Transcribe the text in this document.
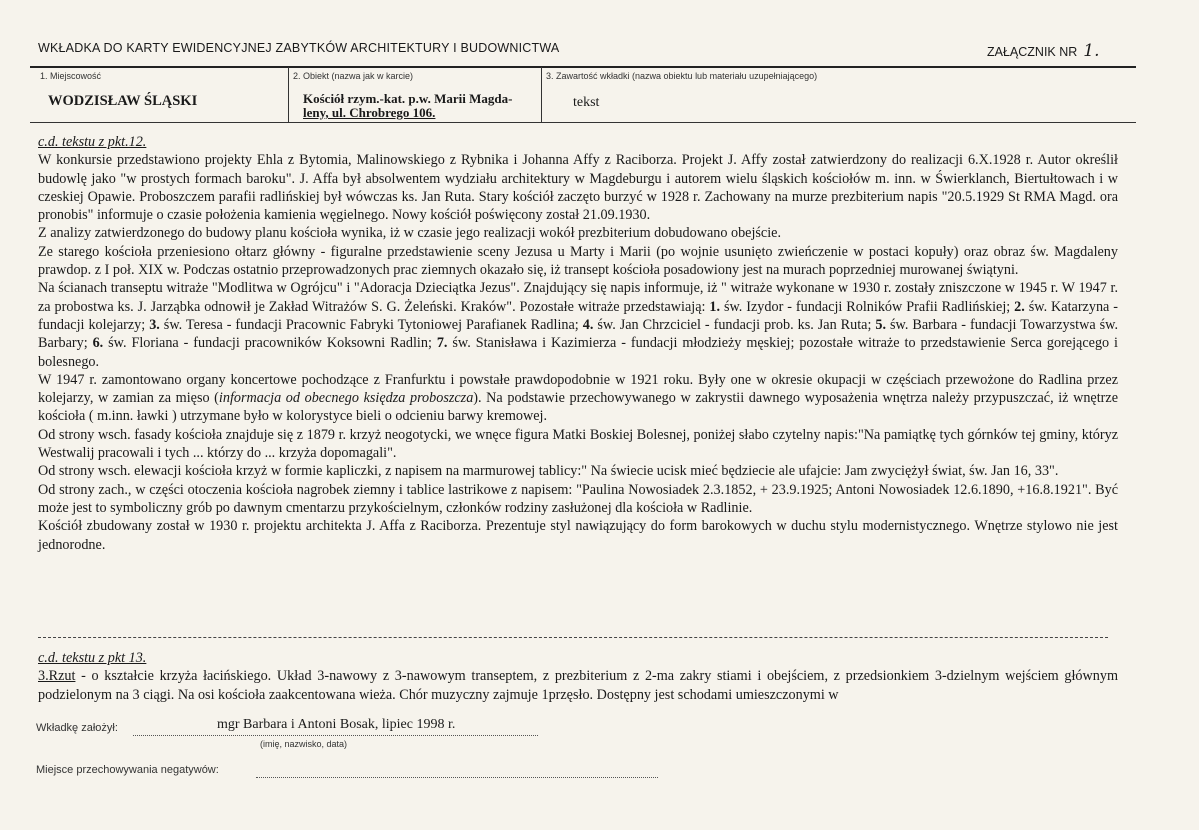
WKŁADKA DO KARTY EWIDENCYJNEJ ZABYTKÓW ARCHITEKTURY I BUDOWNICTWA	ZAŁĄCZNIK NR 1.
1. Miejscowość
WODZISŁAW ŚLĄSKI
2. Obiekt (nazwa jak w karcie)
Kościół rzym.-kat. p.w. Marii Magda-
leny, ul. Chrobrego 106.
3. Zawartość wkładki (nazwa obiektu lub materiału uzupełniającego)
tekst

c.d. tekstu z pkt.12.

W konkursie przedstawiono projekty Ehla z Bytomia, Malinowskiego z Rybnika i Johanna Affy z Raciborza. Projekt J. Affy został zatwierdzony do realizacji 6.X.1928 r. Autor określił budowlę jako "w prostych formach baroku". J. Affa był absolwentem wydziału architektury w Magdeburgu i autorem wielu śląskich kościołów m. inn. w Świerklanch, Biertułtowach i w czeskiej Opawie. Proboszczem parafii radlińskiej był wówczas ks. Jan Ruta. Stary kościół zaczęto burzyć w 1928 r. Zachowany na murze prezbiterium napis "20.5.1929 St RMA Magd. ora pronobis" informuje o czasie położenia kamienia węgielnego. Nowy kościół poświęcony został 21.09.1930.

Z analizy zatwierdzonego do budowy planu kościoła wynika, iż w czasie jego realizacji wokół prezbiterium dobudowano obejście.

Ze starego kościoła przeniesiono ołtarz główny - figuralne przedstawienie sceny Jezusa u Marty i Marii (po wojnie usunięto zwieńczenie w postaci kopuły) oraz obraz św. Magdaleny prawdop. z I poł. XIX w. Podczas ostatnio przeprowadzonych prac ziemnych okazało się, iż transept kościoła posadowiony jest na murach poprzedniej murowanej świątyni.

Na ścianach transeptu witraże "Modlitwa w Ogrójcu" i "Adoracja Dzieciątka Jezus". Znajdujący się napis informuje, iż " witraże wykonane w 1930 r. zostały zniszczone w 1945 r. W 1947 r. za probostwa ks. J. Jarząbka odnowił je Zakład Witrażów S. G. Żeleński. Kraków". Pozostałe witraże przedstawiają: 1. św. Izydor - fundacji Rolników Prafii Radlińskiej; 2. św. Katarzyna - fundacji kolejarzy; 3. św. Teresa - fundacji Pracownic Fabryki Tytoniowej Parafianek Radlina; 4. św. Jan Chrzciciel - fundacji prob. ks. Jan Ruta; 5. św. Barbara - fundacji Towarzystwa św. Barbary; 6. św. Floriana - fundacji pracowników Koksowni Radlin; 7. św. Stanisława i Kazimierza - fundacji młodzieży męskiej; pozostałe witraże to przedstawienie Serca gorejącego i bolesnego.

W 1947 r. zamontowano organy koncertowe pochodzące z Franfurktu i powstałe prawdopodobnie w 1921 roku. Były one w okresie okupacji w częściach przewożone do Radlina przez kolejarzy, w zamian za mięso (informacja od obecnego księdza proboszcza). Na podstawie przechowywanego w zakrystii dawnego wyposażenia wnętrza należy przypuszczać, iż wnętrze kościoła ( m.inn. ławki ) utrzymane było w kolorystyce bieli o odcieniu barwy kremowej.

Od strony wsch. fasady kościoła znajduje się z 1879 r. krzyż neogotycki, we wnęce figura Matki Boskiej Bolesnej, poniżej słabo czytelny napis:"Na pamiątkę tych górnków tej gminy, któryz Westwalij pracowali i tych ... którzy do ... krzyża dopomagali".

Od strony wsch. elewacji kościoła krzyż w formie kapliczki, z napisem na marmurowej tablicy:" Na świecie ucisk mieć będziecie ale ufajcie: Jam zwyciężył świat, św. Jan 16, 33".

Od strony zach., w części otoczenia kościoła nagrobek ziemny i tablice lastrikowe z napisem: "Paulina Nowosiadek 2.3.1852, + 23.9.1925; Antoni Nowosiadek 12.6.1890, +16.8.1921". Być może jest to symboliczny grób po dawnym cmentarzu przykościelnym, członków rodziny zasłużonej dla kościoła w Radlinie.

Kościół zbudowany został w 1930 r. projektu architekta J. Affa z Raciborza. Prezentuje styl nawiązujący do form barokowych w duchu stylu modernistycznego. Wnętrze stylowo nie jest jednorodne.

c.d. tekstu z pkt 13.

3.Rzut - o kształcie krzyża łacińskiego. Układ 3-nawowy z 3-nawowym transeptem, z prezbiterium z 2-ma zakry stiami i obejściem, z przedsionkiem 3-dzielnym wejściem głównym podzielonym na 3 ciągi. Na osi kościoła zaakcentowana wieża. Chór muzyczny zajmuje 1przęsło. Dostępny jest schodami umieszczonymi w

Wkładkę założył:	mgr Barbara i Antoni Bosak, lipiec 1998 r.
(imię, nazwisko, data)
Miejsce przechowywania negatywów:
